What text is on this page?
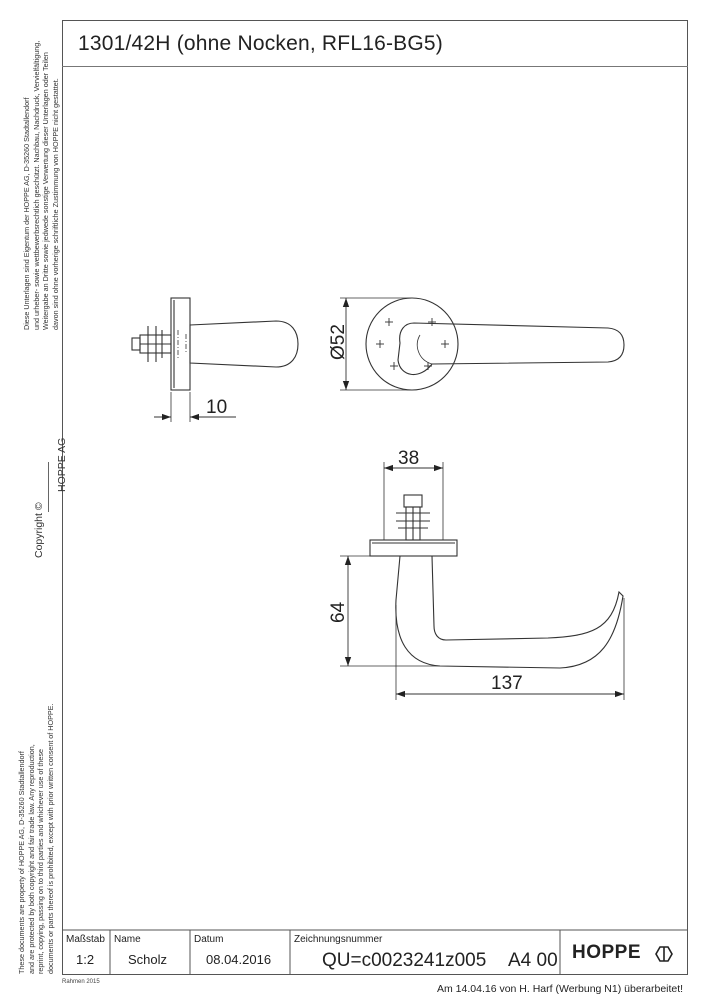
1301/42H (ohne Nocken, RFL16-BG5)
Diese Unterlagen sind Eigentum der HOPPE AG, D-35260 Stadtallendorf und urheber- sowie wettbewerbsrechtlich geschützt. Nachbau, Nachdruck, Vervielfältigung, Weitergabe an Dritte sowie jedwede sonstige Verwertung dieser Unterlagen oder Teilen davon sind ohne vorherige schriftliche Zustimmung von HOPPE nicht gestattet.
Copyright ©
HOPPE AG
These documents are property of HOPPE AG, D-35260 Stadtallendorf and are protected by both copyright and fair trade law. Any reproduction, reprint, copying, passing on to third parties and whichever use of these documents or parts thereof is prohibited, except with prior written consent of HOPPE.
10
Ø52
38
64
137
Maßstab
1:2
Name
Scholz
Datum
08.04.2016
Zeichnungsnummer
QU=c0023241z005 A4 00 HOPPE
Rahmen 2015
Am 14.04.16 von H. Harf (Werbung N1) überarbeitet!
